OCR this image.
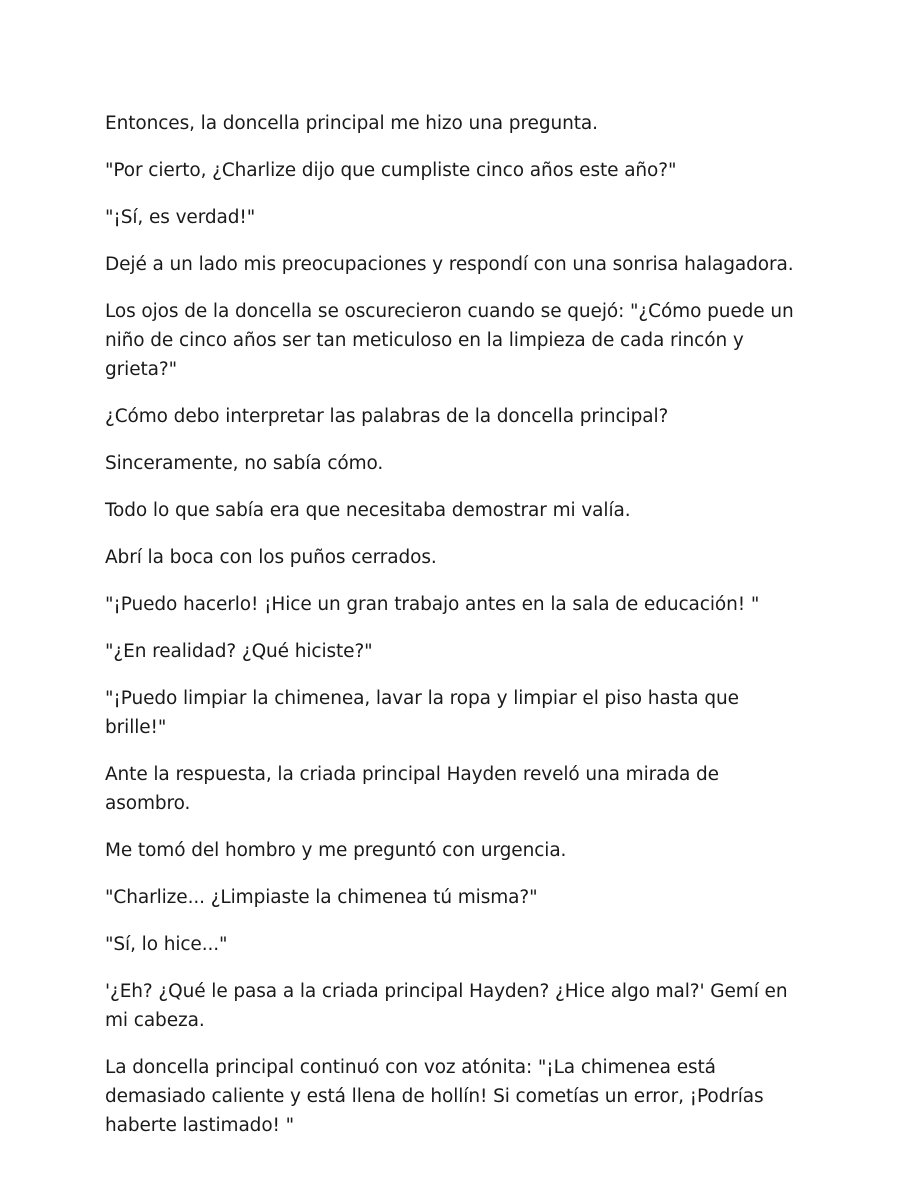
Entonces, la doncella principal me hizo una pregunta.

"Por cierto, ¿Charlize dijo que cumpliste cinco años este año?"

"¡Sí, es verdad!"

Dejé a un lado mis preocupaciones y respondí con una sonrisa halagadora.

Los ojos de la doncella se oscurecieron cuando se quejó: "¿Cómo puede un niño de cinco años ser tan meticuloso en la limpieza de cada rincón y grieta?"

¿Cómo debo interpretar las palabras de la doncella principal?

Sinceramente, no sabía cómo.

Todo lo que sabía era que necesitaba demostrar mi valía.

Abrí la boca con los puños cerrados.

"¡Puedo hacerlo! ¡Hice un gran trabajo antes en la sala de educación! "

"¿En realidad? ¿Qué hiciste?"

"¡Puedo limpiar la chimenea, lavar la ropa y limpiar el piso hasta que brille!"

Ante la respuesta, la criada principal Hayden reveló una mirada de asombro.

Me tomó del hombro y me preguntó con urgencia.

"Charlize... ¿Limpiaste la chimenea tú misma?"

"Sí, lo hice..."

'¿Eh? ¿Qué le pasa a la criada principal Hayden? ¿Hice algo mal?' Gemí en mi cabeza.

La doncella principal continuó con voz atónita: "¡La chimenea está demasiado caliente y está llena de hollín! Si cometías un error, ¡Podrías haberte lastimado! "
